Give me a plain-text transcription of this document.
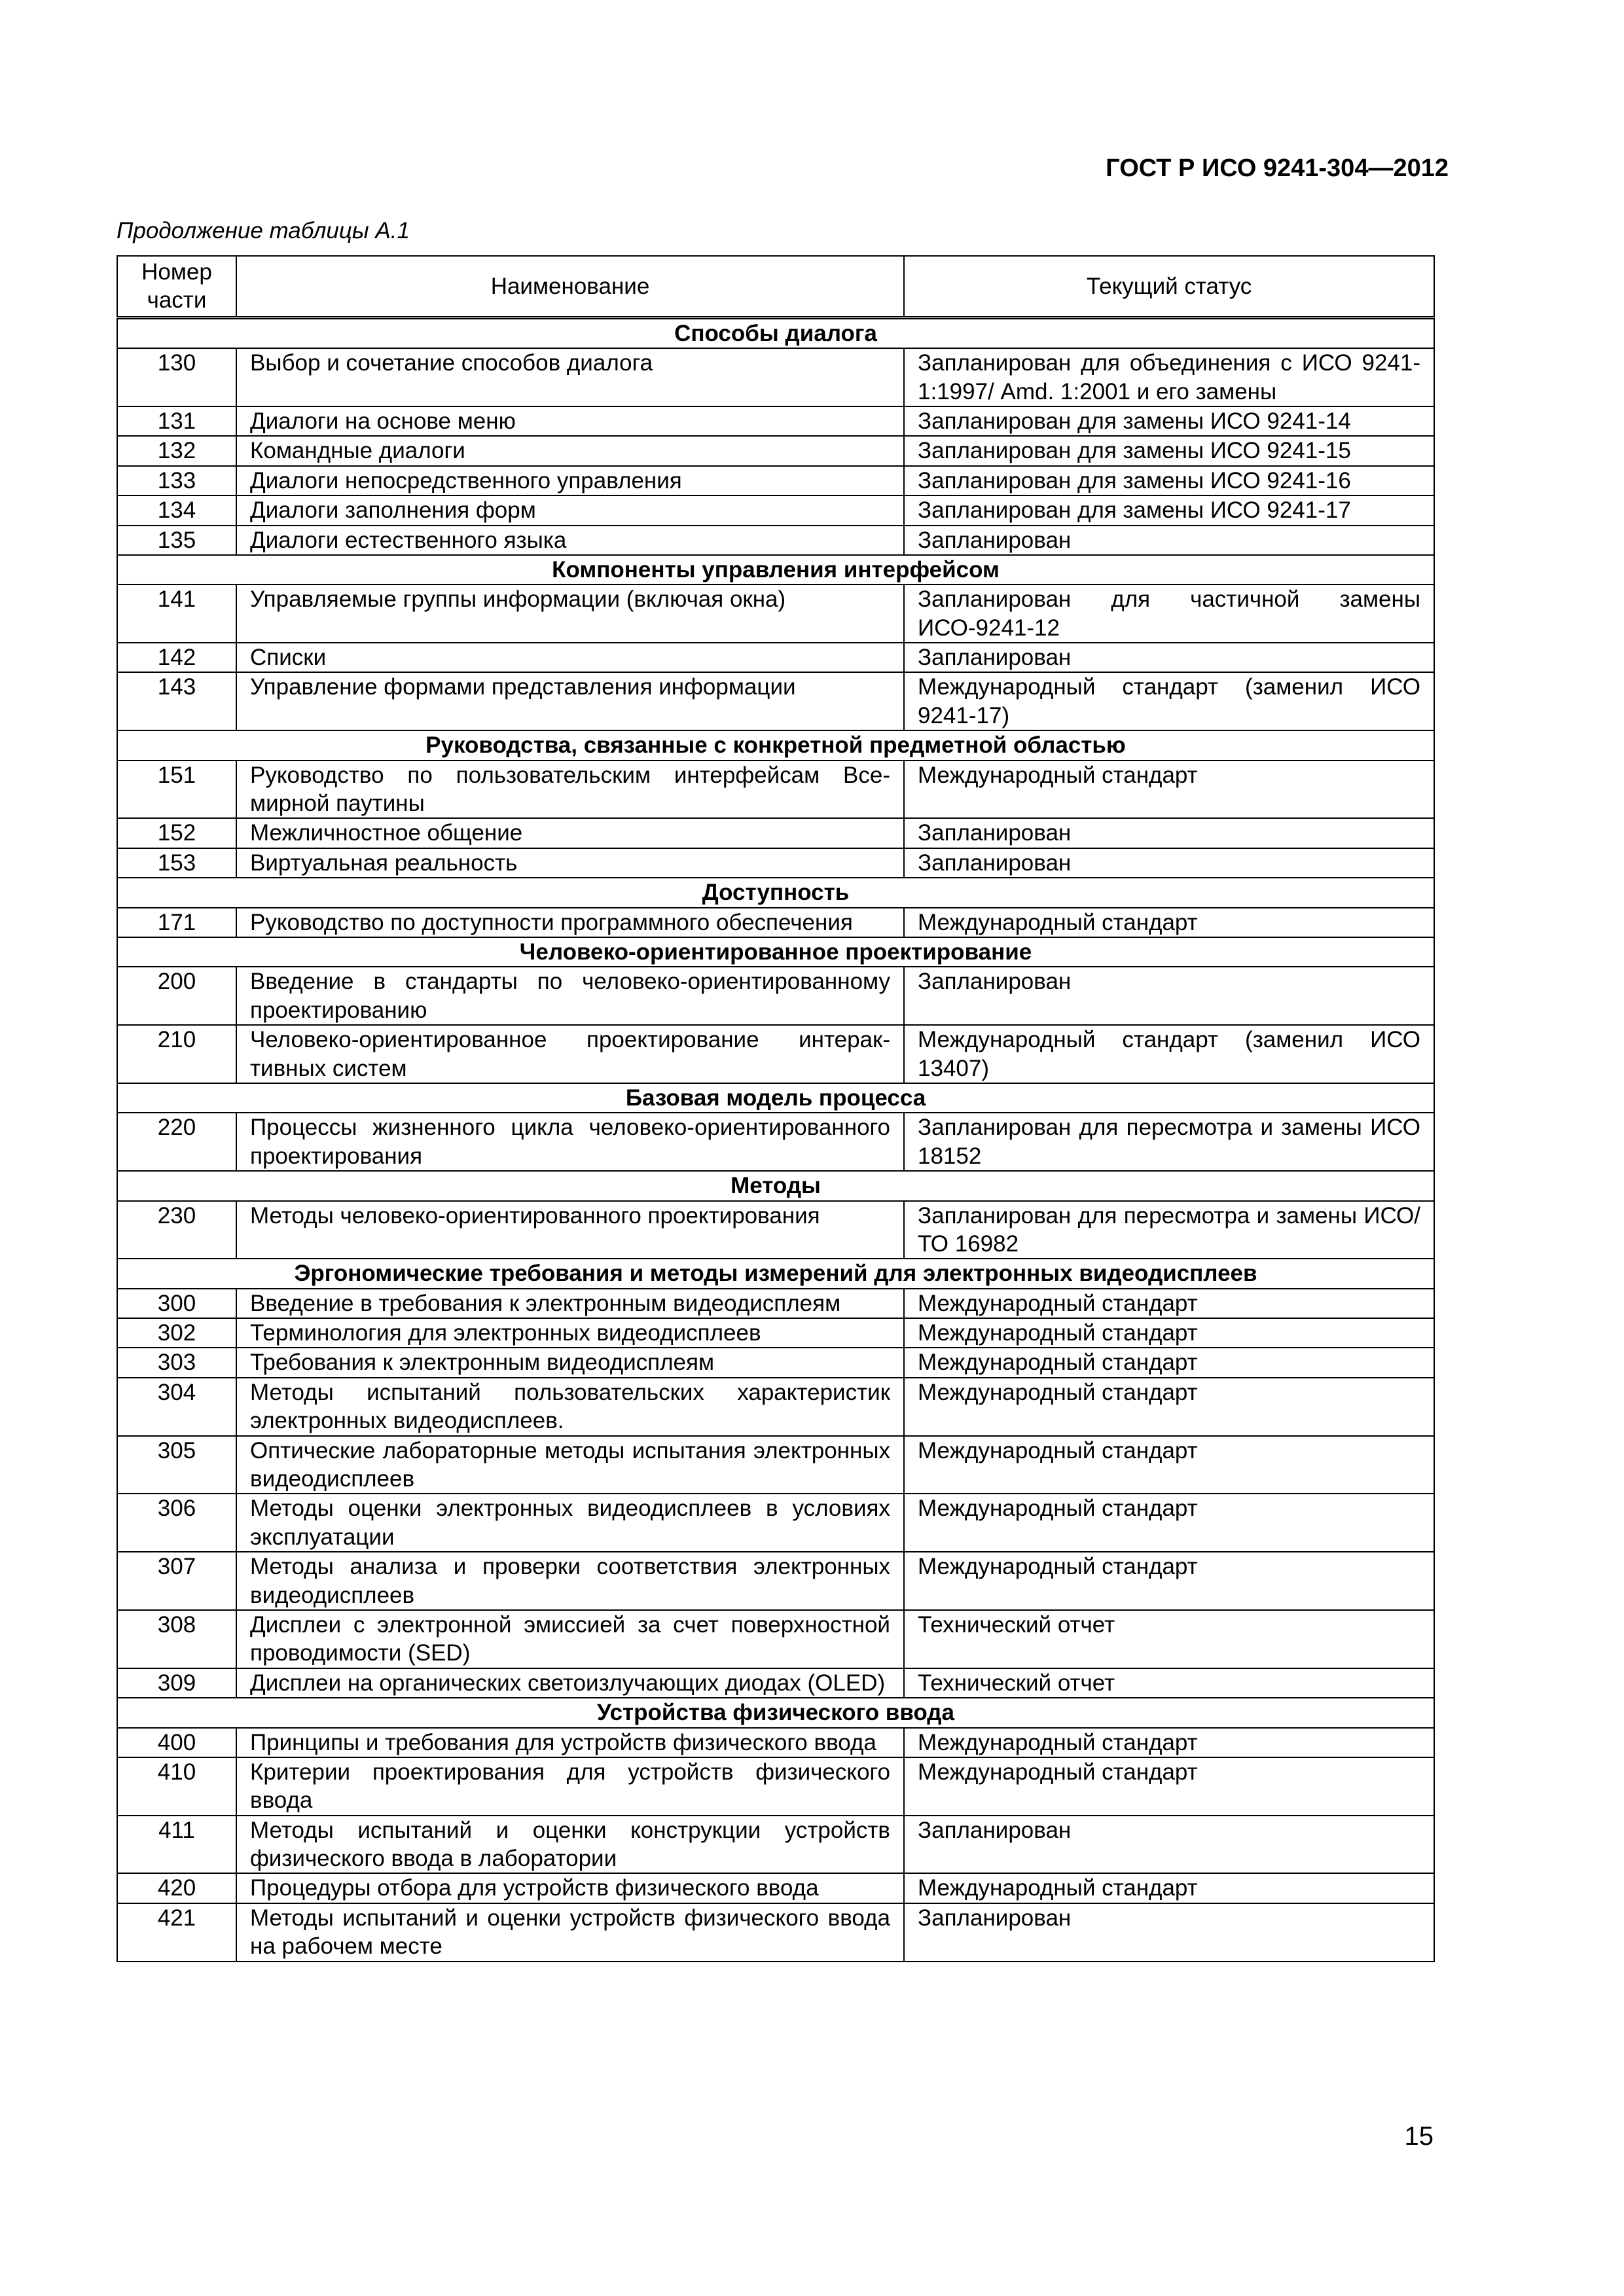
ГОСТ Р ИСО 9241-304—2012
Продолжение таблицы А.1
Номер части	Наименование	Текущий статус
Способы диалога		
130	Выбор и сочетание способов диалога	Запланирован для объединения с ИСО 9241-1:1997/ Amd. 1:2001 и его замены
131	Диалоги на основе меню	Запланирован для замены ИСО 9241-14
132	Командные диалоги	Запланирован для замены ИСО 9241-15
133	Диалоги непосредственного управления	Запланирован для замены ИСО 9241-16
134	Диалоги заполнения форм	Запланирован для замены ИСО 9241-17
135	Диалоги естественного языка	Запланирован
Компоненты управления интерфейсом		
141	Управляемые группы информации (включая окна)	Запланирован для частичной замены ИСО-9241-12
142	Списки	Запланирован
143	Управление формами представления информации	Международный стандарт (заменил ИСО 9241-17)
Руководства, связанные с конкретной предметной областью		
151	Руководство по пользовательским интерфейсам Всемирной паутины	Международный стандарт
152	Межличностное общение	Запланирован
153	Виртуальная реальность	Запланирован
Доступность		
171	Руководство по доступности программного обеспечения	Международный стандарт
Человеко-ориентированное проектирование		
200	Введение в стандарты по человеко-ориентированному проектированию	Запланирован
210	Человеко-ориентированное проектирование интерактивных систем	Международный стандарт (заменил ИСО 13407)
Базовая модель процесса		
220	Процессы жизненного цикла человеко-ориентированного проектирования	Запланирован для пересмотра и замены ИСО 18152
Методы		
230	Методы человеко-ориентированного проектирования	Запланирован для пересмотра и замены ИСО/ТО 16982
Эргономические требования и методы измерений для электронных видеодисплеев		
300	Введение в требования к электронным видеодисплеям	Международный стандарт
302	Терминология для электронных видеодисплеев	Международный стандарт
303	Требования к электронным видеодисплеям	Международный стандарт
304	Методы испытаний пользовательских характеристик электронных видеодисплеев.	Международный стандарт
305	Оптические лабораторные методы испытания электронных видеодисплеев	Международный стандарт
306	Методы оценки электронных видеодисплеев в условиях эксплуатации	Международный стандарт
307	Методы анализа и проверки соответствия электронных видеодисплеев	Международный стандарт
308	Дисплеи с электронной эмиссией за счет поверхностной проводимости (SED)	Технический отчет
309	Дисплеи на органических светоизлучающих диодах (OLED)	Технический отчет
Устройства физического ввода		
400	Принципы и требования для устройств физического ввода	Международный стандарт
410	Критерии проектирования для устройств физического ввода	Международный стандарт
411	Методы испытаний и оценки конструкции устройств физического ввода в лаборатории	Запланирован
420	Процедуры отбора для устройств физического ввода	Международный стандарт
421	Методы испытаний и оценки устройств физического ввода на рабочем месте	Запланирован
15
